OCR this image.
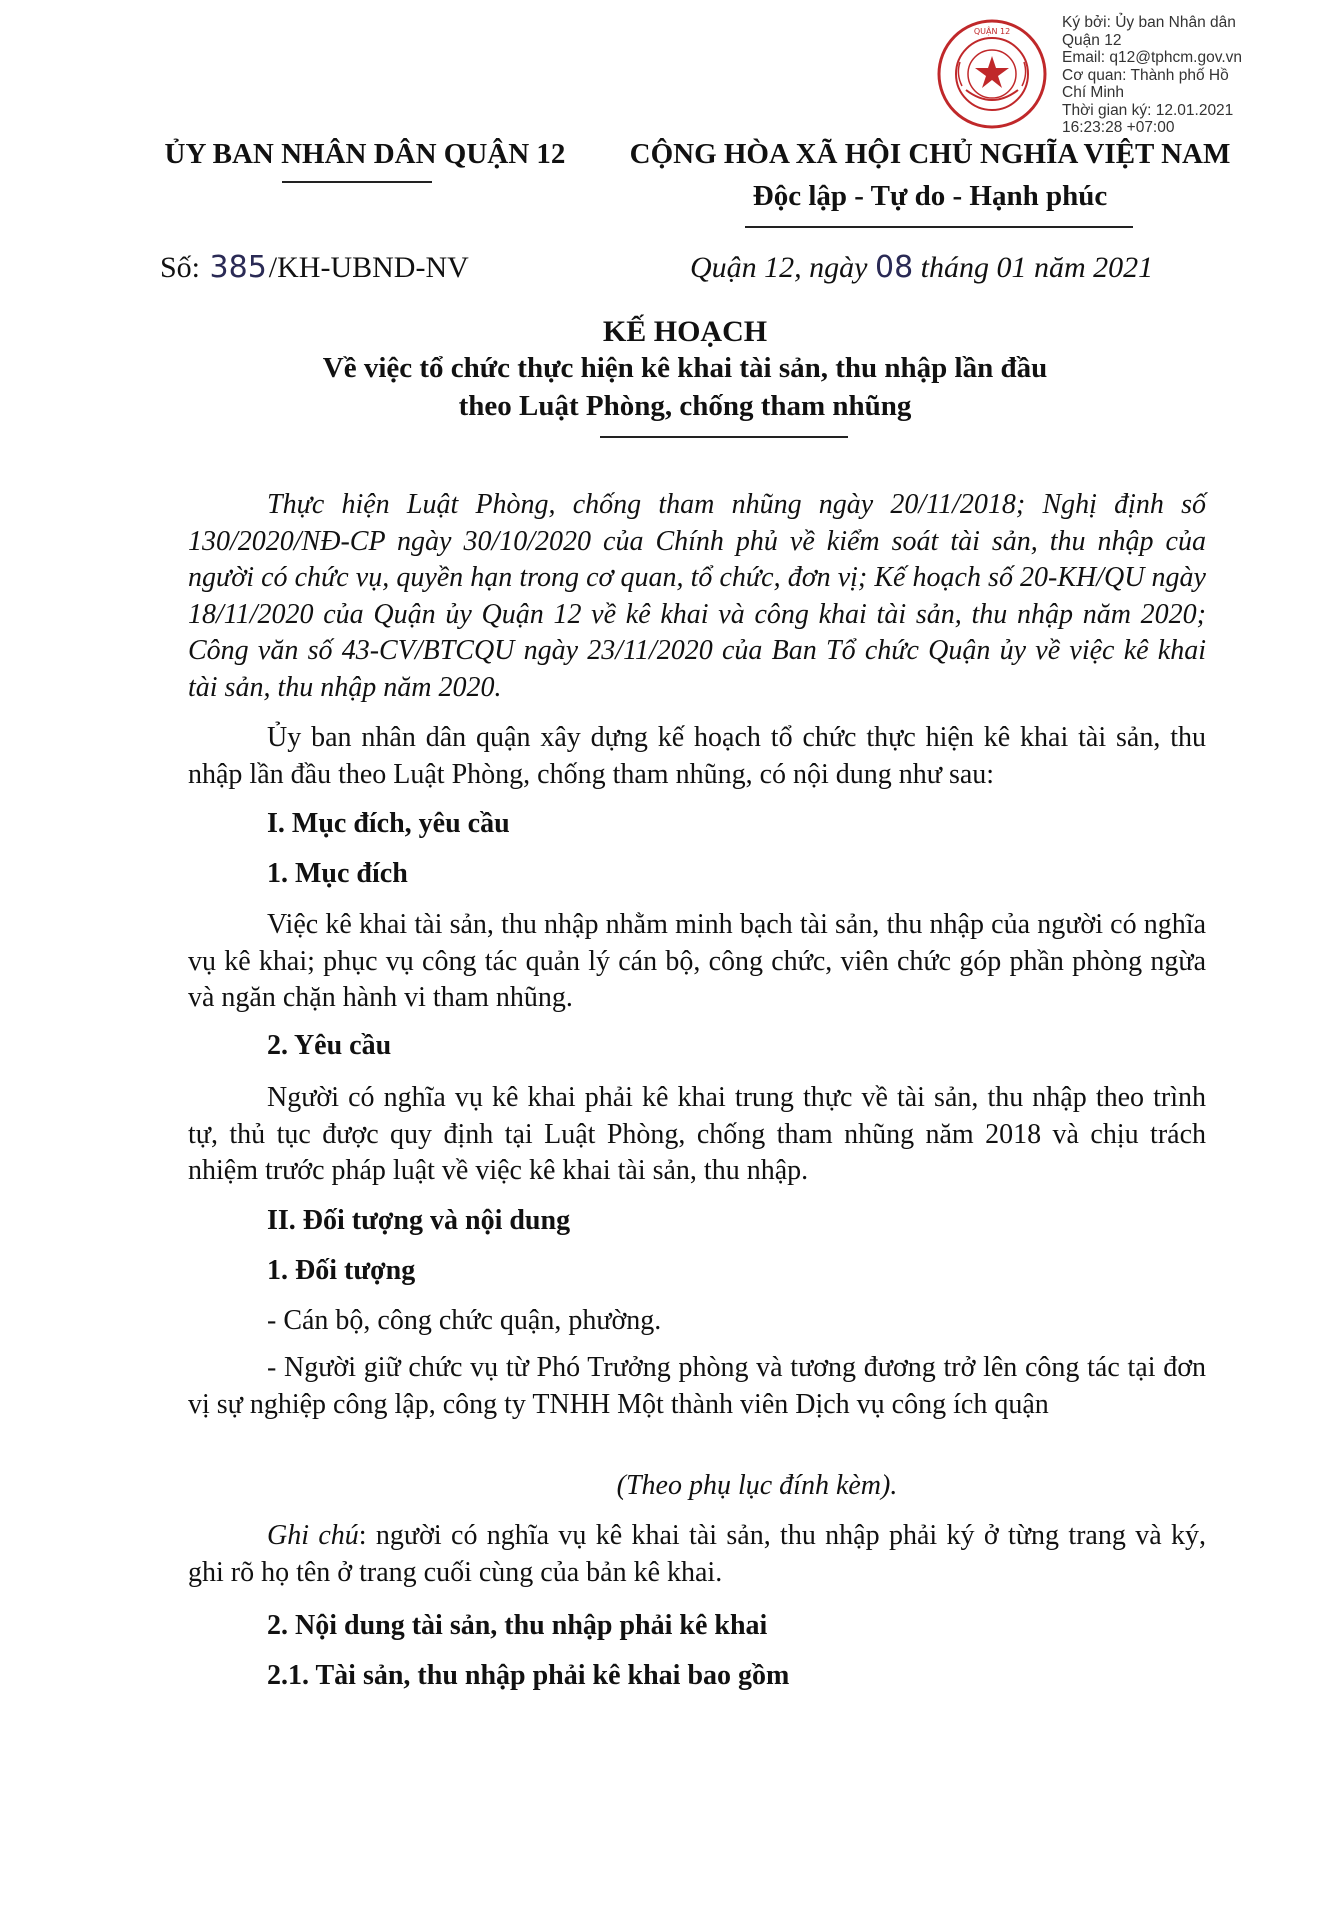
QUẬN 12
Ký bởi: Ủy ban Nhân dân
Quận 12
Email: q12@tphcm.gov.vn
Cơ quan: Thành phố Hồ
Chí Minh
Thời gian ký: 12.01.2021
16:23:28 +07:00
ỦY BAN NHÂN DÂN QUẬN 12	CỘNG HÒA XÃ HỘI CHỦ NGHĨA VIỆT NAM
Độc lập - Tự do - Hạnh phúc
Số: 385/KH-UBND-NV	Quận 12, ngày 08 tháng 01 năm 2021
KẾ HOẠCH
Về việc tổ chức thực hiện kê khai tài sản, thu nhập lần đầu
theo Luật Phòng, chống tham nhũng
Thực hiện Luật Phòng, chống tham nhũng ngày 20/11/2018; Nghị định số 130/2020/NĐ-CP ngày 30/10/2020 của Chính phủ về kiểm soát tài sản, thu nhập của người có chức vụ, quyền hạn trong cơ quan, tổ chức, đơn vị; Kế hoạch số 20-KH/QU ngày 18/11/2020 của Quận ủy Quận 12 về kê khai và công khai tài sản, thu nhập năm 2020; Công văn số 43-CV/BTCQU ngày 23/11/2020 của Ban Tổ chức Quận ủy về việc kê khai tài sản, thu nhập năm 2020.
Ủy ban nhân dân quận xây dựng kế hoạch tổ chức thực hiện kê khai tài sản, thu nhập lần đầu theo Luật Phòng, chống tham nhũng, có nội dung như sau:
I. Mục đích, yêu cầu
1. Mục đích
Việc kê khai tài sản, thu nhập nhằm minh bạch tài sản, thu nhập của người có nghĩa vụ kê khai; phục vụ công tác quản lý cán bộ, công chức, viên chức góp phần phòng ngừa và ngăn chặn hành vi tham nhũng.
2. Yêu cầu
Người có nghĩa vụ kê khai phải kê khai trung thực về tài sản, thu nhập theo trình tự, thủ tục được quy định tại Luật Phòng, chống tham nhũng năm 2018 và chịu trách nhiệm trước pháp luật về việc kê khai tài sản, thu nhập.
II. Đối tượng và nội dung
1. Đối tượng
- Cán bộ, công chức quận, phường.
- Người giữ chức vụ từ Phó Trưởng phòng và tương đương trở lên công tác tại đơn vị sự nghiệp công lập, công ty TNHH Một thành viên Dịch vụ công ích quận
(Theo phụ lục đính kèm).
Ghi chú: người có nghĩa vụ kê khai tài sản, thu nhập phải ký ở từng trang và ký, ghi rõ họ tên ở trang cuối cùng của bản kê khai.
2. Nội dung tài sản, thu nhập phải kê khai
2.1. Tài sản, thu nhập phải kê khai bao gồm
